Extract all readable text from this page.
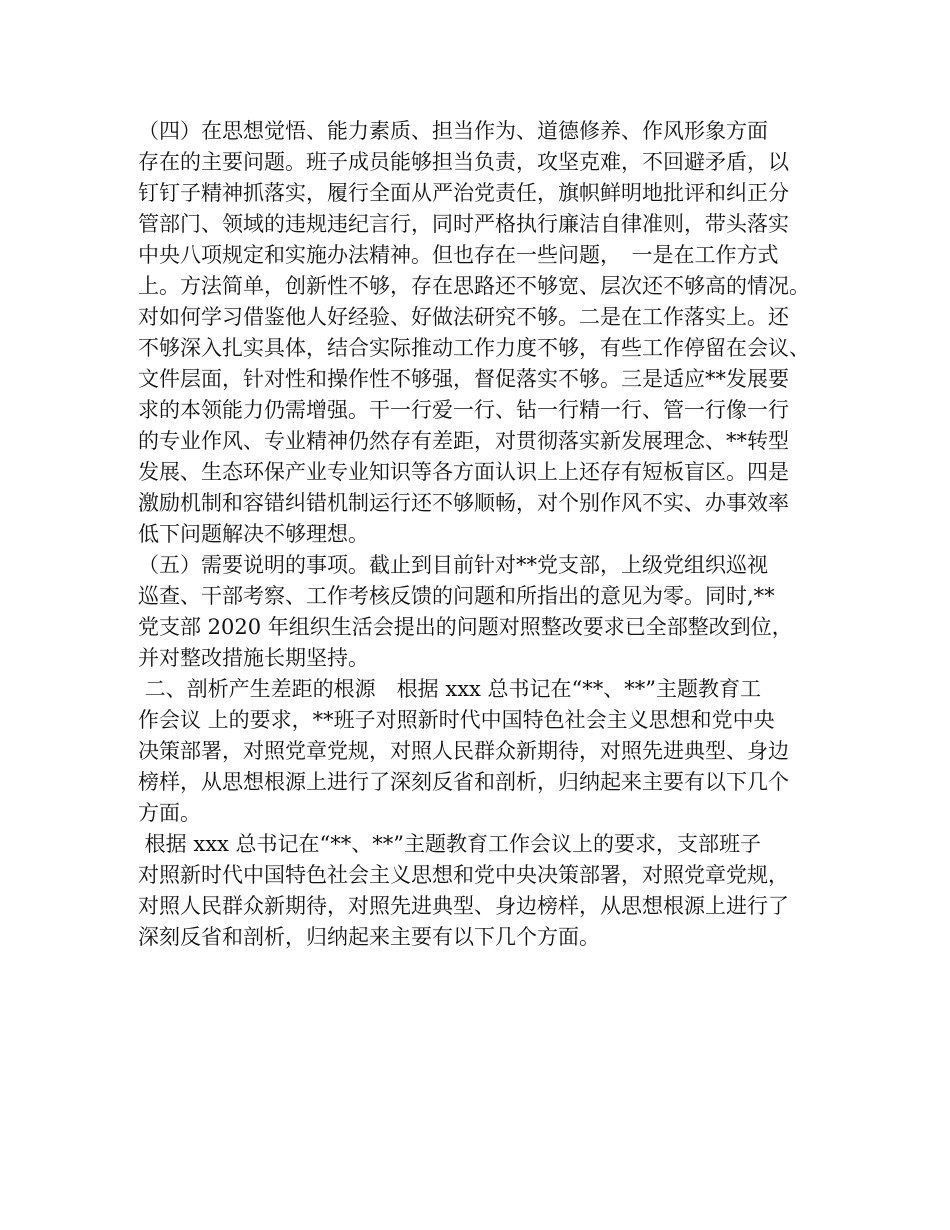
（四）在思想觉悟、能力素质、担当作为、道德修养、作风形象方面
存在的主要问题。班子成员能够担当负责，攻坚克难，不回避矛盾，以
钉钉子精神抓落实，履行全面从严治党责任，旗帜鲜明地批评和纠正分
管部门、领域的违规违纪言行，同时严格执行廉洁自律准则，带头落实
中央八项规定和实施办法精神。但也存在一些问题，　一是在工作方式
上。方法简单，创新性不够，存在思路还不够宽、层次还不够高的情况。
对如何学习借鉴他人好经验、好做法研究不够。二是在工作落实上。还
不够深入扎实具体，结合实际推动工作力度不够，有些工作停留在会议、
文件层面，针对性和操作性不够强，督促落实不够。三是适应**发展要
求的本领能力仍需增强。干一行爱一行、钻一行精一行、管一行像一行
的专业作风、专业精神仍然存有差距，对贯彻落实新发展理念、**转型
发展、生态环保产业专业知识等各方面认识上上还存有短板盲区。四是
激励机制和容错纠错机制运行还不够顺畅，对个别作风不实、办事效率
低下问题解决不够理想。
（五）需要说明的事项。截止到目前针对**党支部，上级党组织巡视
巡查、干部考察、工作考核反馈的问题和所指出的意见为零。同时,**
党支部 2020 年组织生活会提出的问题对照整改要求已全部整改到位，
并对整改措施长期坚持。
二、剖析产生差距的根源　根据 xxx 总书记在“**、**”主题教育工
作会议 上的要求，**班子对照新时代中国特色社会主义思想和党中央
决策部署，对照党章党规，对照人民群众新期待，对照先进典型、身边
榜样，从思想根源上进行了深刻反省和剖析，归纳起来主要有以下几个
方面。
根据 xxx 总书记在“**、**”主题教育工作会议上的要求，支部班子
对照新时代中国特色社会主义思想和党中央决策部署，对照党章党规，
对照人民群众新期待，对照先进典型、身边榜样，从思想根源上进行了
深刻反省和剖析，归纳起来主要有以下几个方面。
